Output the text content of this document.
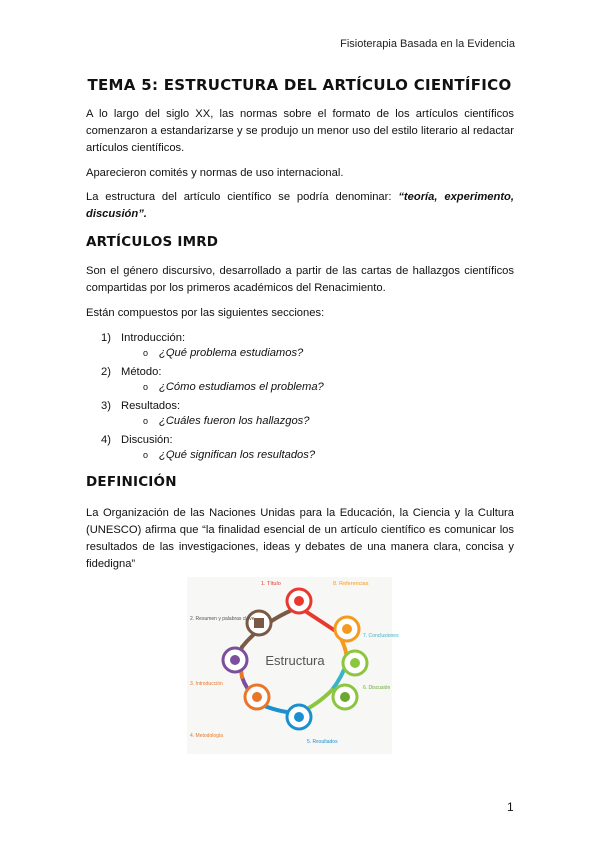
Fisioterapia Basada en la Evidencia
TEMA 5: ESTRUCTURA DEL ARTÍCULO CIENTÍFICO
A lo largo del siglo XX, las normas sobre el formato de los artículos científicos comenzaron a estandarizarse y se produjo un menor uso del estilo literario al redactar artículos científicos.
Aparecieron comités y normas de uso internacional.
La estructura del artículo científico se podría denominar: “teoría, experimento, discusión”.
ARTÍCULOS IMRD
Son el género discursivo, desarrollado a partir de las cartas de hallazgos científicos compartidas por los primeros académicos del Renacimiento.
Están compuestos por las siguientes secciones:
1) Introducción:
o ¿Qué problema estudiamos?
2) Método:
o ¿Cómo estudiamos el problema?
3) Resultados:
o ¿Cuáles fueron los hallazgos?
4) Discusión:
o ¿Qué significan los resultados?
DEFINICIÓN
La Organización de las Naciones Unidas para la Educación, la Ciencia y la Cultura (UNESCO) afirma que “la finalidad esencial de un artículo científico es comunicar los resultados de las investigaciones, ideas y debates de una manera clara, concisa y fidedigna”
Estructura
1. Título	8. Referencias
2. Resumen y palabras clave
7. Conclusiones
3. Introducción
6. Discusión
4. Metodología
5. Resultados
1
